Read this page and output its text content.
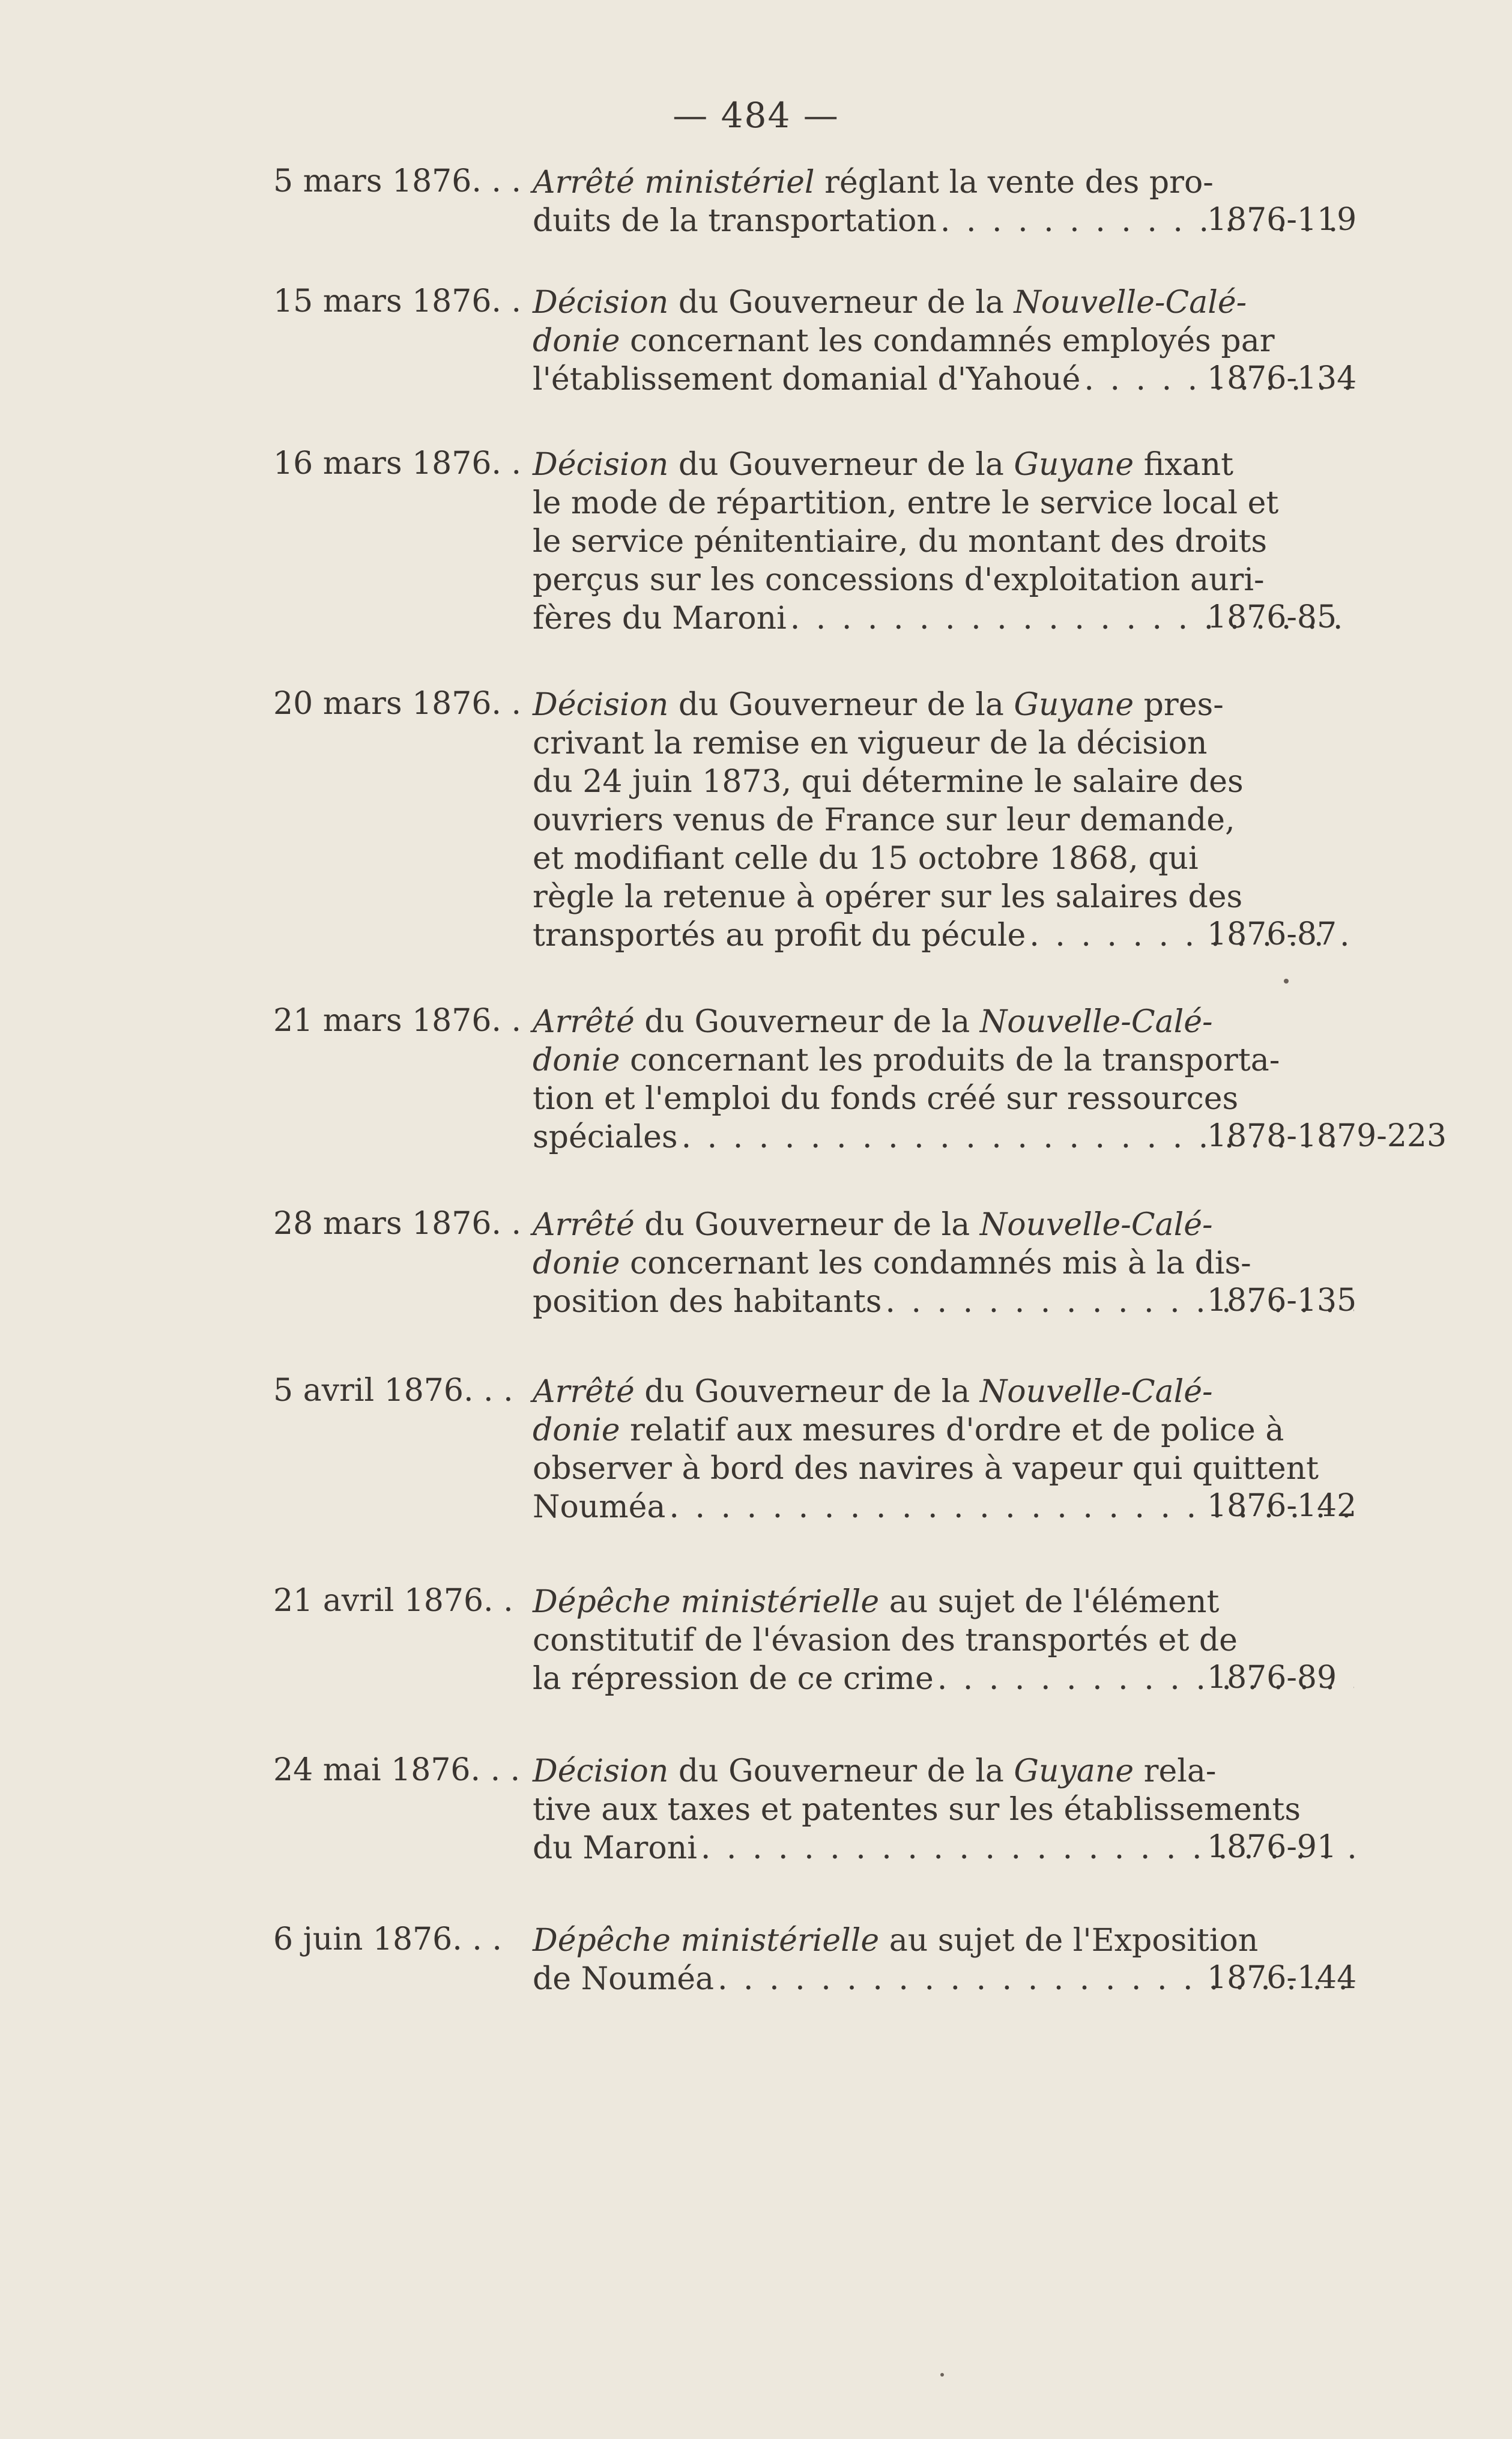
— 484 —
5 mars 1876. . . Arrêté ministériel réglant la vente des pro-

duits de la transportation . . .	1876-119
15 mars 1876. . Décision du Gouverneur de la Nouvelle-Calé-

donie concernant les condamnés employés par

l'établissement domanial d'Yahoué . . .	1876-134
16 mars 1876. . Décision du Gouverneur de la Guyane fixant

le mode de répartition, entre le service local et

le service pénitentiaire, du montant des droits

perçus sur les concessions d'exploitation auri-

fères du Maroni . . .	1876-85
20 mars 1876. . Décision du Gouverneur de la Guyane pres-

crivant la remise en vigueur de la décision

du 24 juin 1873, qui détermine le salaire des

ouvriers venus de France sur leur demande,

et modifiant celle du 15 octobre 1868, qui

règle la retenue à opérer sur les salaires des

transportés au profit du pécule . . .	1876-87
21 mars 1876. . Arrêté du Gouverneur de la Nouvelle-Calé-

donie concernant les produits de la transporta-

tion et l'emploi du fonds créé sur ressources

spéciales . . .	1878-1879-223
28 mars 1876. . Arrêté du Gouverneur de la Nouvelle-Calé-

donie concernant les condamnés mis à la dis-

position des habitants . . .	1876-135
5 avril 1876. . . Arrêté du Gouverneur de la Nouvelle-Calé-

donie relatif aux mesures d'ordre et de police à

observer à bord des navires à vapeur qui quittent

Nouméa . . .	1876-142
21 avril 1876. . Dépêche ministérielle au sujet de l'élément

constitutif de l'évasion des transportés et de

la répression de ce crime . . .	1876-89
24 mai 1876. . . Décision du Gouverneur de la Guyane rela-

tive aux taxes et patentes sur les établissements

du Maroni . . .	1876-91
6 juin 1876. . . Dépêche ministérielle au sujet de l'Exposition

de Nouméa . . .	1876-144
